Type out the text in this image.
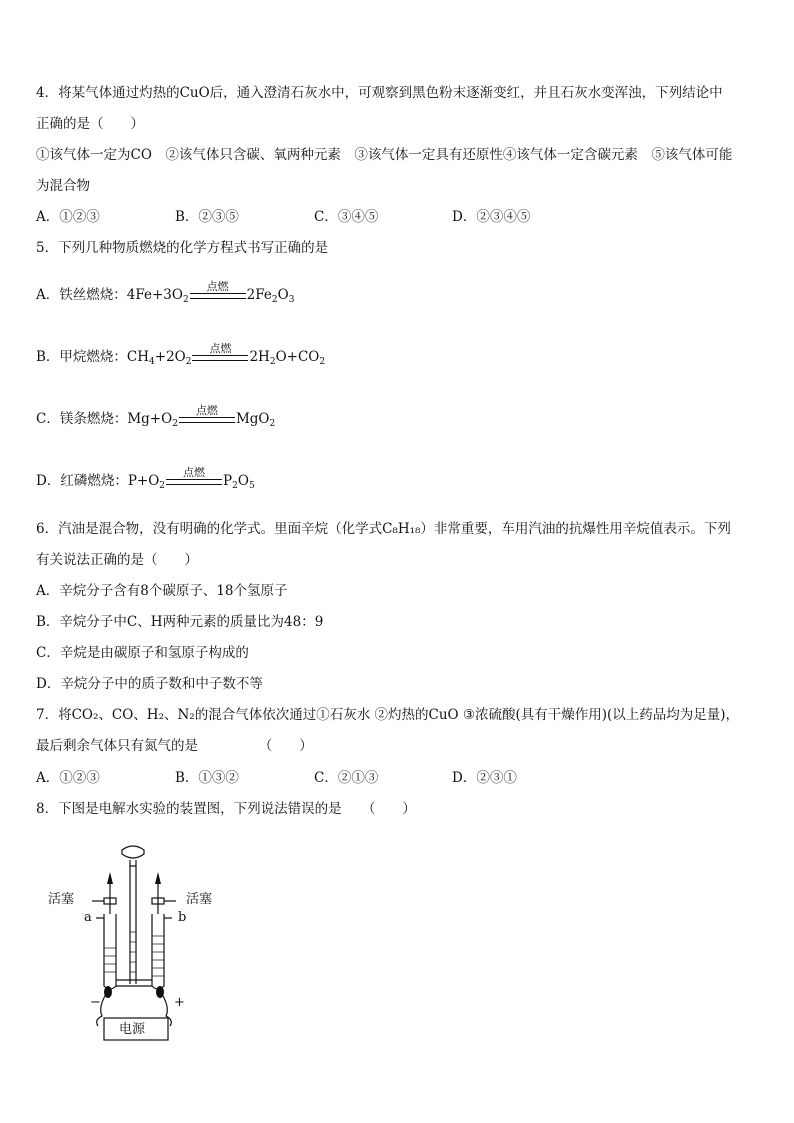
4．将某气体通过灼热的CuO后，通入澄清石灰水中，可观察到黑色粉末逐渐变红，并且石灰水变浑浊，下列结论中
正确的是（　　）
①该气体一定为CO　②该气体只含碳、氧两种元素　③该气体一定具有还原性④该气体一定含碳元素　⑤该气体可能
为混合物
A．①②③	B．②③⑤	C．③④⑤	D．②③④⑤
5．下列几种物质燃烧的化学方程式书写正确的是
A．铁丝燃烧：$4Fe+3O_2$
点燃
$2Fe_2O_3$
B．甲烷燃烧：$CH_4+2O_2$
点燃
$2H_2O+CO_2$
C．镁条燃烧：$Mg+O_2$
点燃
MgO$_2$
D．红磷燃烧：$P+O_2$
点燃
$P_2O_5$
6．汽油是混合物，没有明确的化学式。里面辛烷（化学式C₈H₁₈）非常重要，车用汽油的抗爆性用辛烷值表示。下列
有关说法正确的是（　　）
A．辛烷分子含有8个碳原子、18个氢原子
B．辛烷分子中C、H两种元素的质量比为48：9
C．辛烷是由碳原子和氢原子构成的
D．辛烷分子中的质子数和中子数不等
7．将CO₂、CO、H₂、N₂的混合气体依次通过①石灰水 ②灼热的CuO ③浓硫酸(具有干燥作用)(以上药品均为足量)，
最后剩余气体只有氮气的是　　　　　（　　）
A．①②③	B．①③②	C．②①③	D．②③①
8．下图是电解水实验的装置图，下列说法错误的是　　（　　）
活塞	活塞
a	b
−	+
电源
